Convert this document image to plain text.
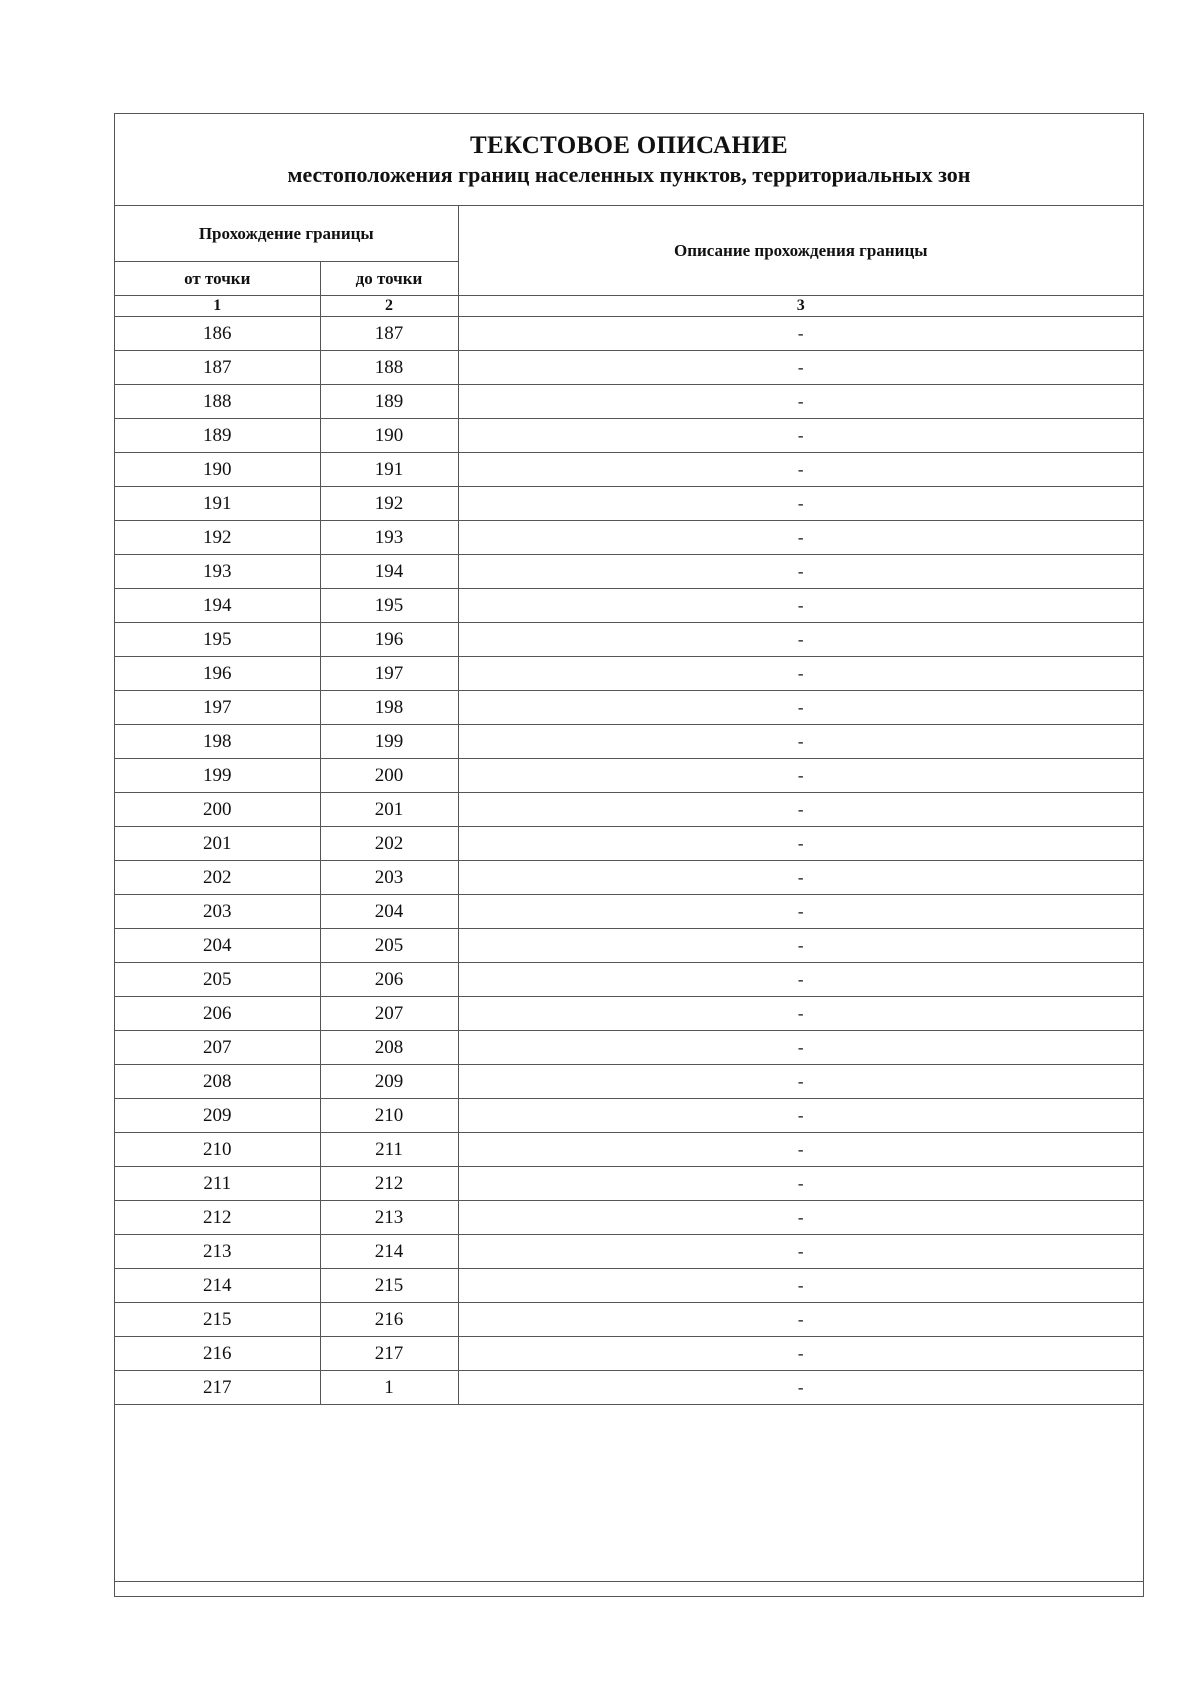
ТЕКСТОВОЕ ОПИСАНИЕ
местоположения границ населенных пунктов, территориальных зон
Прохождение границы		Описание прохождения границы
от точки	до точки	
1	2	3
186	187	-
187	188	-
188	189	-
189	190	-
190	191	-
191	192	-
192	193	-
193	194	-
194	195	-
195	196	-
196	197	-
197	198	-
198	199	-
199	200	-
200	201	-
201	202	-
202	203	-
203	204	-
204	205	-
205	206	-
206	207	-
207	208	-
208	209	-
209	210	-
210	211	-
211	212	-
212	213	-
213	214	-
214	215	-
215	216	-
216	217	-
217	1	-
